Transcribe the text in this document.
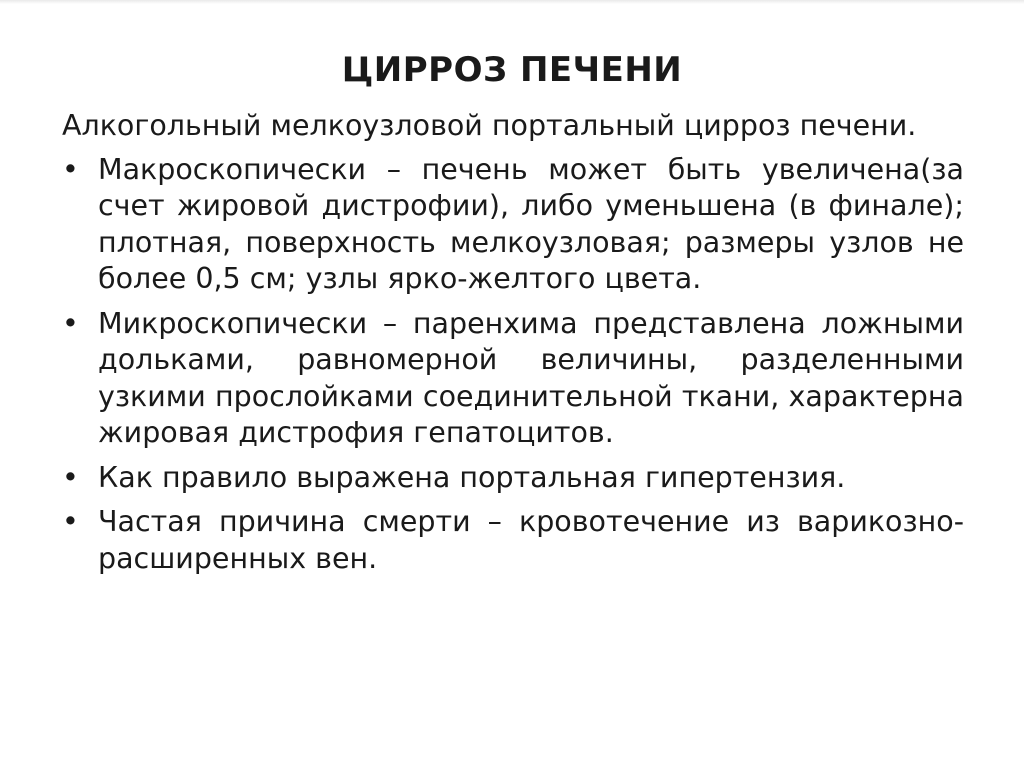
ЦИРРОЗ ПЕЧЕНИ

Алкогольный мелкоузловой портальный цирроз печени.

• Макроскопически – печень может быть увеличена(за счет жировой дистрофии), либо уменьшена (в финале); плотная, поверхность мелкоузловая; размеры узлов не более 0,5 см; узлы ярко-желтого цвета.
• Микроскопически – паренхима представлена ложными дольками, равномерной величины, разделенными узкими прослойками соединительной ткани, характерна жировая дистрофия гепатоцитов.
• Как правило выражена портальная гипертензия.
• Частая причина смерти – кровотечение из варикозно- расширенных вен.
